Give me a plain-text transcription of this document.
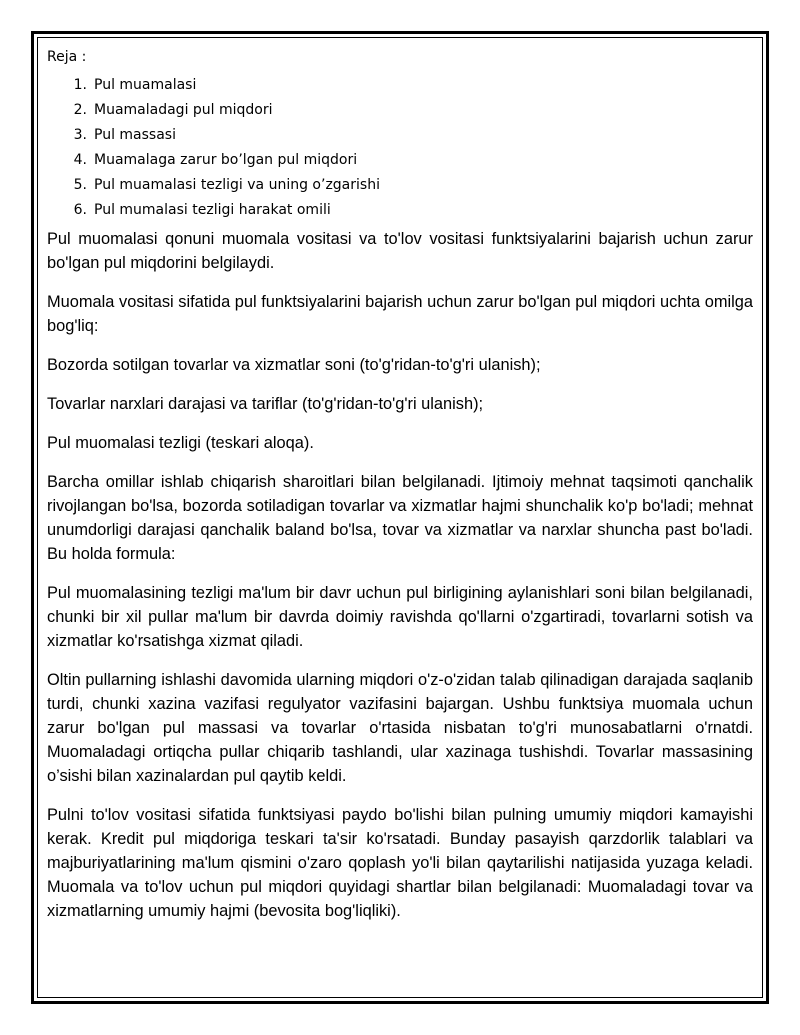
Reja :
1. Pul muamalasi
2. Muamaladagi pul miqdori
3. Pul massasi
4. Muamalaga zarur bo’lgan pul miqdori
5. Pul muamalasi tezligi va uning o’zgarishi
6. Pul mumalasi tezligi harakat omili

Pul muomalasi qonuni muomala vositasi va to'lov vositasi funktsiyalarini bajarish uchun zarur bo'lgan pul miqdorini belgilaydi.

Muomala vositasi sifatida pul funktsiyalarini bajarish uchun zarur bo'lgan pul miqdori uchta omilga bog'liq:

Bozorda sotilgan tovarlar va xizmatlar soni (to'g'ridan-to'g'ri ulanish);

Tovarlar narxlari darajasi va tariflar (to'g'ridan-to'g'ri ulanish);

Pul muomalasi tezligi (teskari aloqa).

Barcha omillar ishlab chiqarish sharoitlari bilan belgilanadi. Ijtimoiy mehnat taqsimoti qanchalik rivojlangan bo'lsa, bozorda sotiladigan tovarlar va xizmatlar hajmi shunchalik ko'p bo'ladi; mehnat unumdorligi darajasi qanchalik baland bo'lsa, tovar va xizmatlar va narxlar shuncha past bo'ladi. Bu holda formula:

Pul muomalasining tezligi ma'lum bir davr uchun pul birligining aylanishlari soni bilan belgilanadi, chunki bir xil pullar ma'lum bir davrda doimiy ravishda qo'llarni o'zgartiradi, tovarlarni sotish va xizmatlar ko'rsatishga xizmat qiladi.

Oltin pullarning ishlashi davomida ularning miqdori o'z-o'zidan talab qilinadigan darajada saqlanib turdi, chunki xazina vazifasi regulyator vazifasini bajargan. Ushbu funktsiya muomala uchun zarur bo'lgan pul massasi va tovarlar o'rtasida nisbatan to'g'ri munosabatlarni o'rnatdi. Muomaladagi ortiqcha pullar chiqarib tashlandi, ular xazinaga tushishdi. Tovarlar massasining o’sishi bilan xazinalardan pul qaytib keldi.

Pulni to'lov vositasi sifatida funktsiyasi paydo bo'lishi bilan pulning umumiy miqdori kamayishi kerak. Kredit pul miqdoriga teskari ta'sir ko'rsatadi. Bunday pasayish qarzdorlik talablari va majburiyatlarining ma'lum qismini o'zaro qoplash yo'li bilan qaytarilishi natijasida yuzaga keladi. Muomala va to'lov uchun pul miqdori quyidagi shartlar bilan belgilanadi: Muomaladagi tovar va xizmatlarning umumiy hajmi (bevosita bog'liqliki).
